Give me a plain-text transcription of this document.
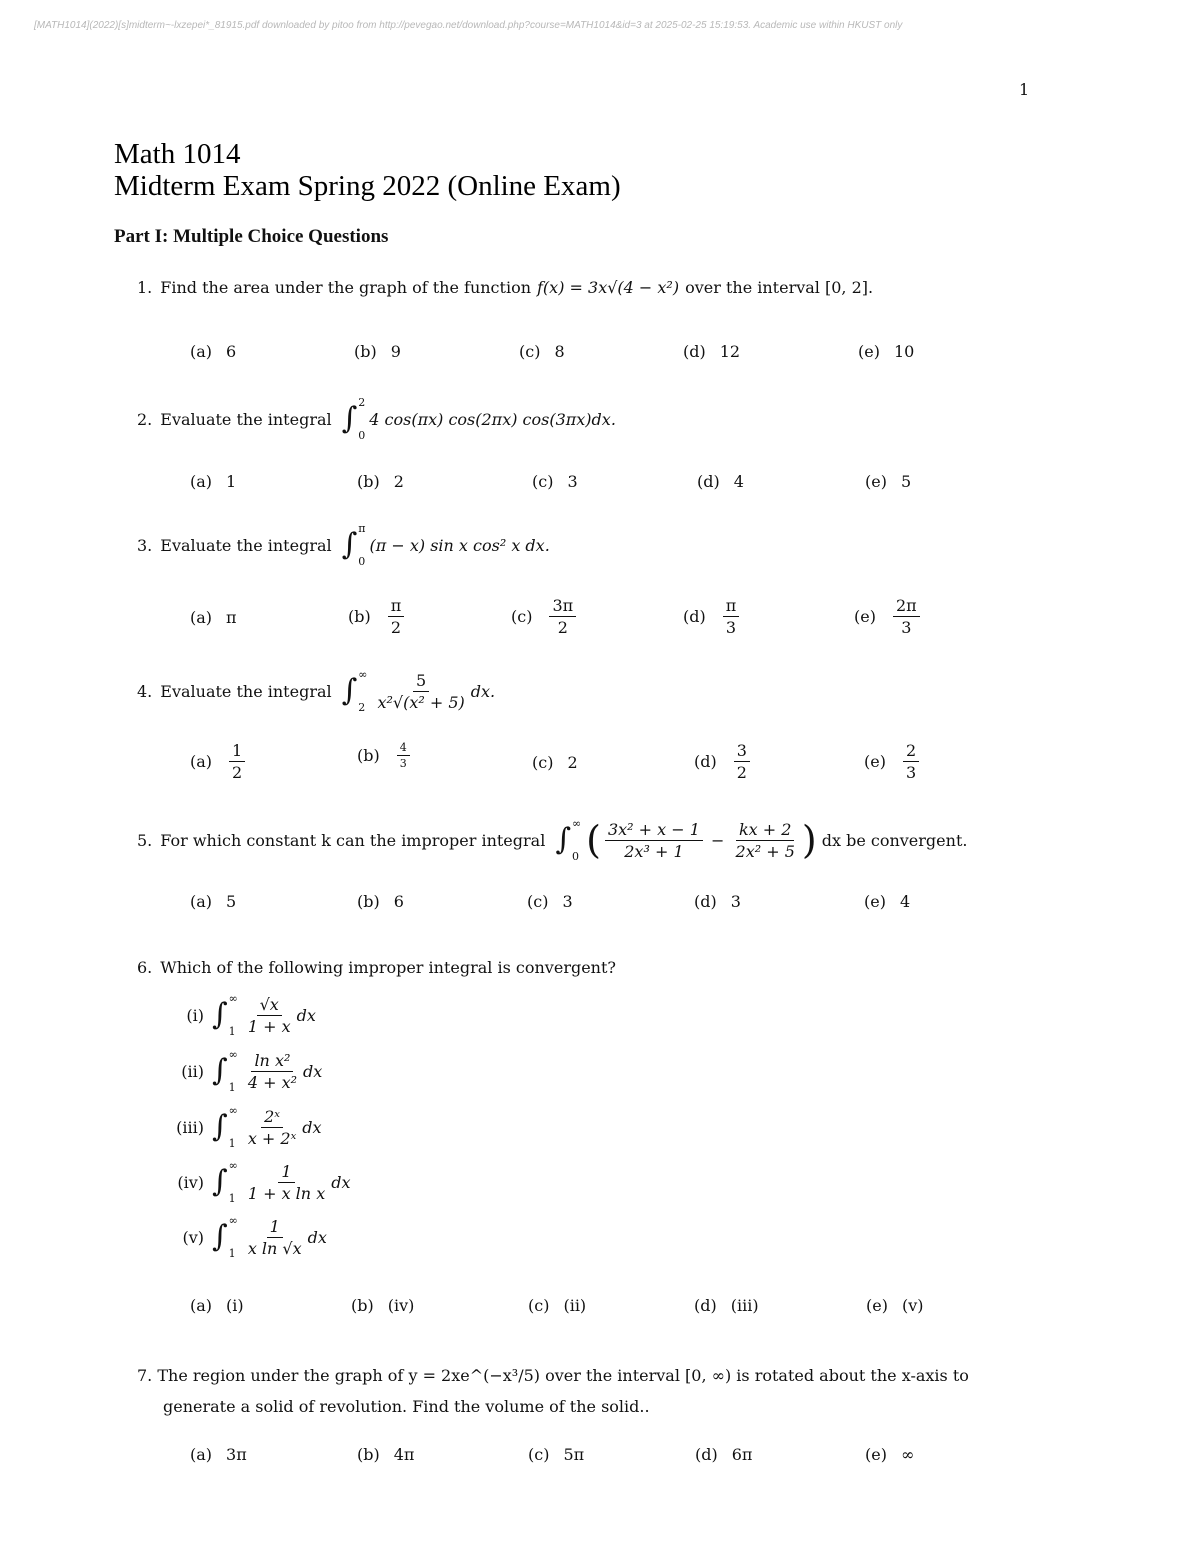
[MATH1014](2022)[s]midterm~-lxzepei*_81915.pdf downloaded by pitoo from http://pevegao.net/download.php?course=MATH1014&id=3 at 2025-02-25 15:19:53. Academic use within HKUST only
1
Math 1014
Midterm Exam Spring 2022 (Online Exam)
Part I: Multiple Choice Questions
1. Find the area under the graph of the function f(x) = 3x√(4 − x²) over the interval [0, 2].
(a) 6	(b) 9	(c) 8	(d) 12	(e) 10
2. Evaluate the integral ∫ 2
0
4 cos(πx) cos(2πx) cos(3πx)dx.
(a) 1	(b) 2	(c) 3	(d) 4	(e) 5
3. Evaluate the integral ∫ π
0
(π − x) sin x cos² x dx.
(a) π	$(b) \frac{\pi}{2}$	$(c) \frac{3\pi}{2}$	$(d) \frac{\pi}{3}$	$(e) \frac{2\pi}{3}$
4. Evaluate the integral ∫ ∞
$2 \frac{5}{\text{x²√(x² + 5)}}$ dx.
$(a) \frac{1}{2}$	$(b) \frac{4}{3}$	(c) 2	$(d) \frac{3}{2}$	$(e) \frac{2}{3}$
5. For which constant k can the improper integral ∫ ∞
0 ( $\frac{\text{3x² + x − 1}}{\text{2x³ + 1}} - \frac{kx + 2}{\text{2x² + 5}}$ ) dx be convergent.
(a) 5	(b) 6	(c) 3	(d) 3	(e) 4
6. Which of the following improper integral is convergent?
(i) ∫ ∞
$1 \frac{√x}{1 + x}$ dx
(ii) ∫ ∞
$1 \frac{\text{ln x²}}{\text{4 + x²}}$ dx
(iii) ∫ ∞
$1 \frac{\text{2ˣ}}{\text{x + 2ˣ}}$ dx
(iv) ∫ ∞
$1 \frac{1}{\text{1 + x ln x}}$ dx
(v) ∫ ∞
$1 \frac{1}{\text{x ln √x}}$ dx
(a) (i)	(b) (iv)	(c) (ii)	(d) (iii)	(e) (v)
7. The region under the graph of y = 2xe^(−x³/5) over the interval [0, ∞) is rotated about the x-axis to
generate a solid of revolution. Find the volume of the solid..
(a) 3π	(b) 4π	(c) 5π	(d) 6π	(e) ∞
